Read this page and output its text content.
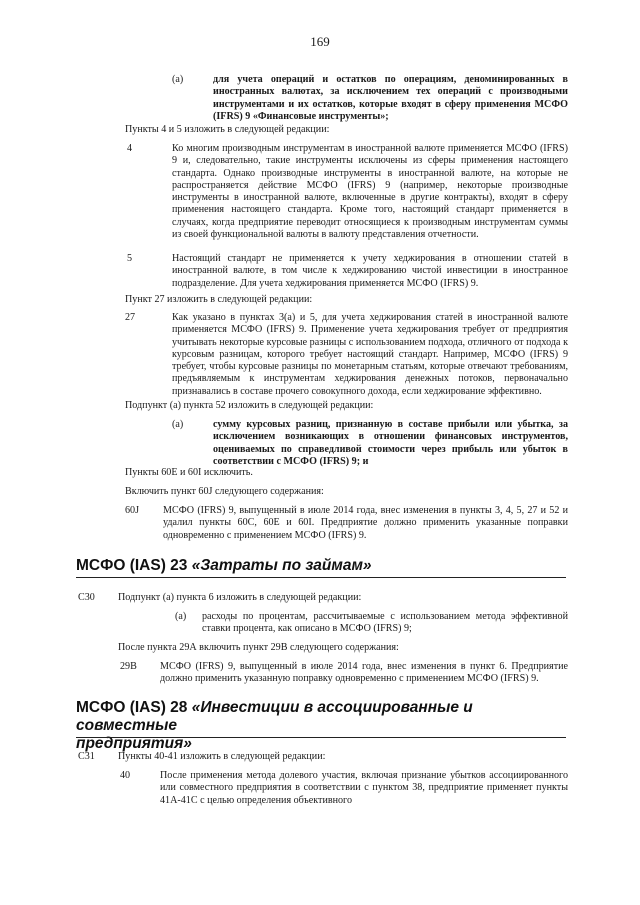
169
(a)	для учета операций и остатков по операциям, деноминированных в иностранных валютах, за исключением тех операций с производными инструментами и их остатков, которые входят в сферу применения МСФО (IFRS) 9 «Финансовые инструменты»;
Пункты 4 и 5 изложить в следующей редакции:
4	Ко многим производным инструментам в иностранной валюте применяется МСФО (IFRS) 9 и, следовательно, такие инструменты исключены из сферы применения настоящего стандарта. Однако производные инструменты в иностранной валюте, на которые не распространяется действие МСФО (IFRS) 9 (например, некоторые производные инструменты в иностранной валюте, включенные в другие контракты), входят в сферу применения настоящего стандарта. Кроме того, настоящий стандарт применяется в случаях, когда предприятие переводит относящиеся к производным инструментам суммы из своей функциональной валюты в валюту представления отчетности.
5	Настоящий стандарт не применяется к учету хеджирования в отношении статей в иностранной валюте, в том числе к хеджированию чистой инвестиции в иностранное подразделение. Для учета хеджирования применяется МСФО (IFRS) 9.
Пункт 27 изложить в следующей редакции:
27	Как указано в пунктах 3(а) и 5, для учета хеджирования статей в иностранной валюте применяется МСФО (IFRS) 9. Применение учета хеджирования требует от предприятия учитывать некоторые курсовые разницы с использованием подхода, отличного от подхода к курсовым разницам, которого требует настоящий стандарт. Например, МСФО (IFRS) 9 требует, чтобы курсовые разницы по монетарным статьям, которые отвечают требованиям, предъявляемым к инструментам хеджирования денежных потоков, первоначально признавались в составе прочего совокупного дохода, если хеджирование эффективно.
Подпункт (а) пункта 52 изложить в следующей редакции:
(а)	сумму курсовых разниц, признанную в составе прибыли или убытка, за исключением возникающих в отношении финансовых инструментов, оцениваемых по справедливой стоимости через прибыль или убыток в соответствии с МСФО (IFRS) 9; и
Пункты 60E и 60I исключить.
Включить пункт 60J следующего содержания:
60J МСФО (IFRS) 9, выпущенный в июле 2014 года, внес изменения в пункты 3, 4, 5, 27 и 52 и удалил пункты 60С, 60Е и 60I. Предприятие должно применить указанные поправки одновременно с применением МСФО (IFRS) 9.
МСФО (IAS) 23 «Затраты по займам»
C30 Подпункт (а) пункта 6 изложить в следующей редакции:
(а) расходы по процентам, рассчитываемые с использованием метода эффективной ставки процента, как описано в МСФО (IFRS) 9;
После пункта 29А включить пункт 29В следующего содержания:
29В МСФО (IFRS) 9, выпущенный в июле 2014 года, внес изменения в пункт 6. Предприятие должно применить указанную поправку одновременно с применением МСФО (IFRS) 9.
МСФО (IAS) 28 «Инвестиции в ассоциированные и совместные
предприятия»
C31 Пункты 40-41 изложить в следующей редакции:
40	После применения метода долевого участия, включая признание убытков ассоциированного или совместного предприятия в соответствии с пунктом 38, предприятие применяет пункты 41А-41С с целью определения объективного
